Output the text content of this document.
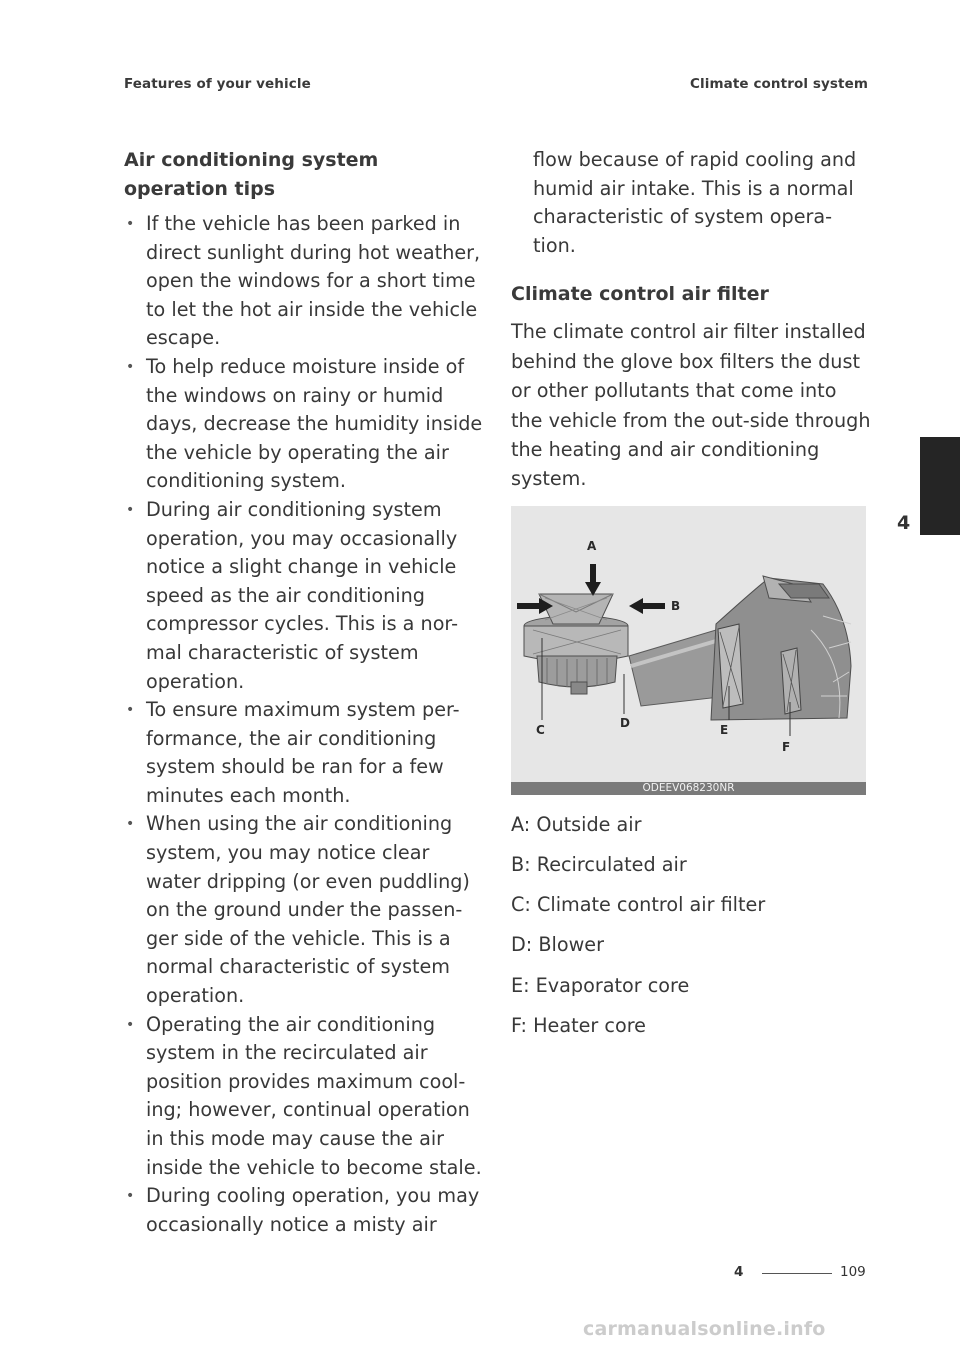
Features of your vehicle	Climate control system
4
Air conditioning system operation tips
• If the vehicle has been parked in direct sunlight during hot weather, open the windows for a short time to let the hot air inside the vehicle escape.
• To help reduce moisture inside of the windows on rainy or humid days, decrease the humidity inside the vehicle by operating the air conditioning system.
• During air conditioning system operation, you may occasionally notice a slight change in vehicle speed as the air conditioning compressor cycles. This is a nor-mal characteristic of system operation.
• To ensure maximum system per-formance, the air conditioning system should be ran for a few minutes each month.
• When using the air conditioning system, you may notice clear water dripping (or even puddling) on the ground under the passen-ger side of the vehicle. This is a normal characteristic of system operation.
• Operating the air conditioning system in the recirculated air position provides maximum cool-ing; however, continual operation in this mode may cause the air inside the vehicle to become stale.
• During cooling operation, you may occasionally notice a misty air
flow because of rapid cooling and humid air intake. This is a normal characteristic of system opera-tion.
Climate control air filter

The climate control air filter installed behind the glove box filters the dust or other pollutants that come into the vehicle from the out-side through the heating and air conditioning system.

A
B
C	D	E
F
ODEEV068230NR
A: Outside air
B: Recirculated air
C: Climate control air filter
D: Blower
E: Evaporator core
F: Heater core
4	109
carmanualsonline.info
